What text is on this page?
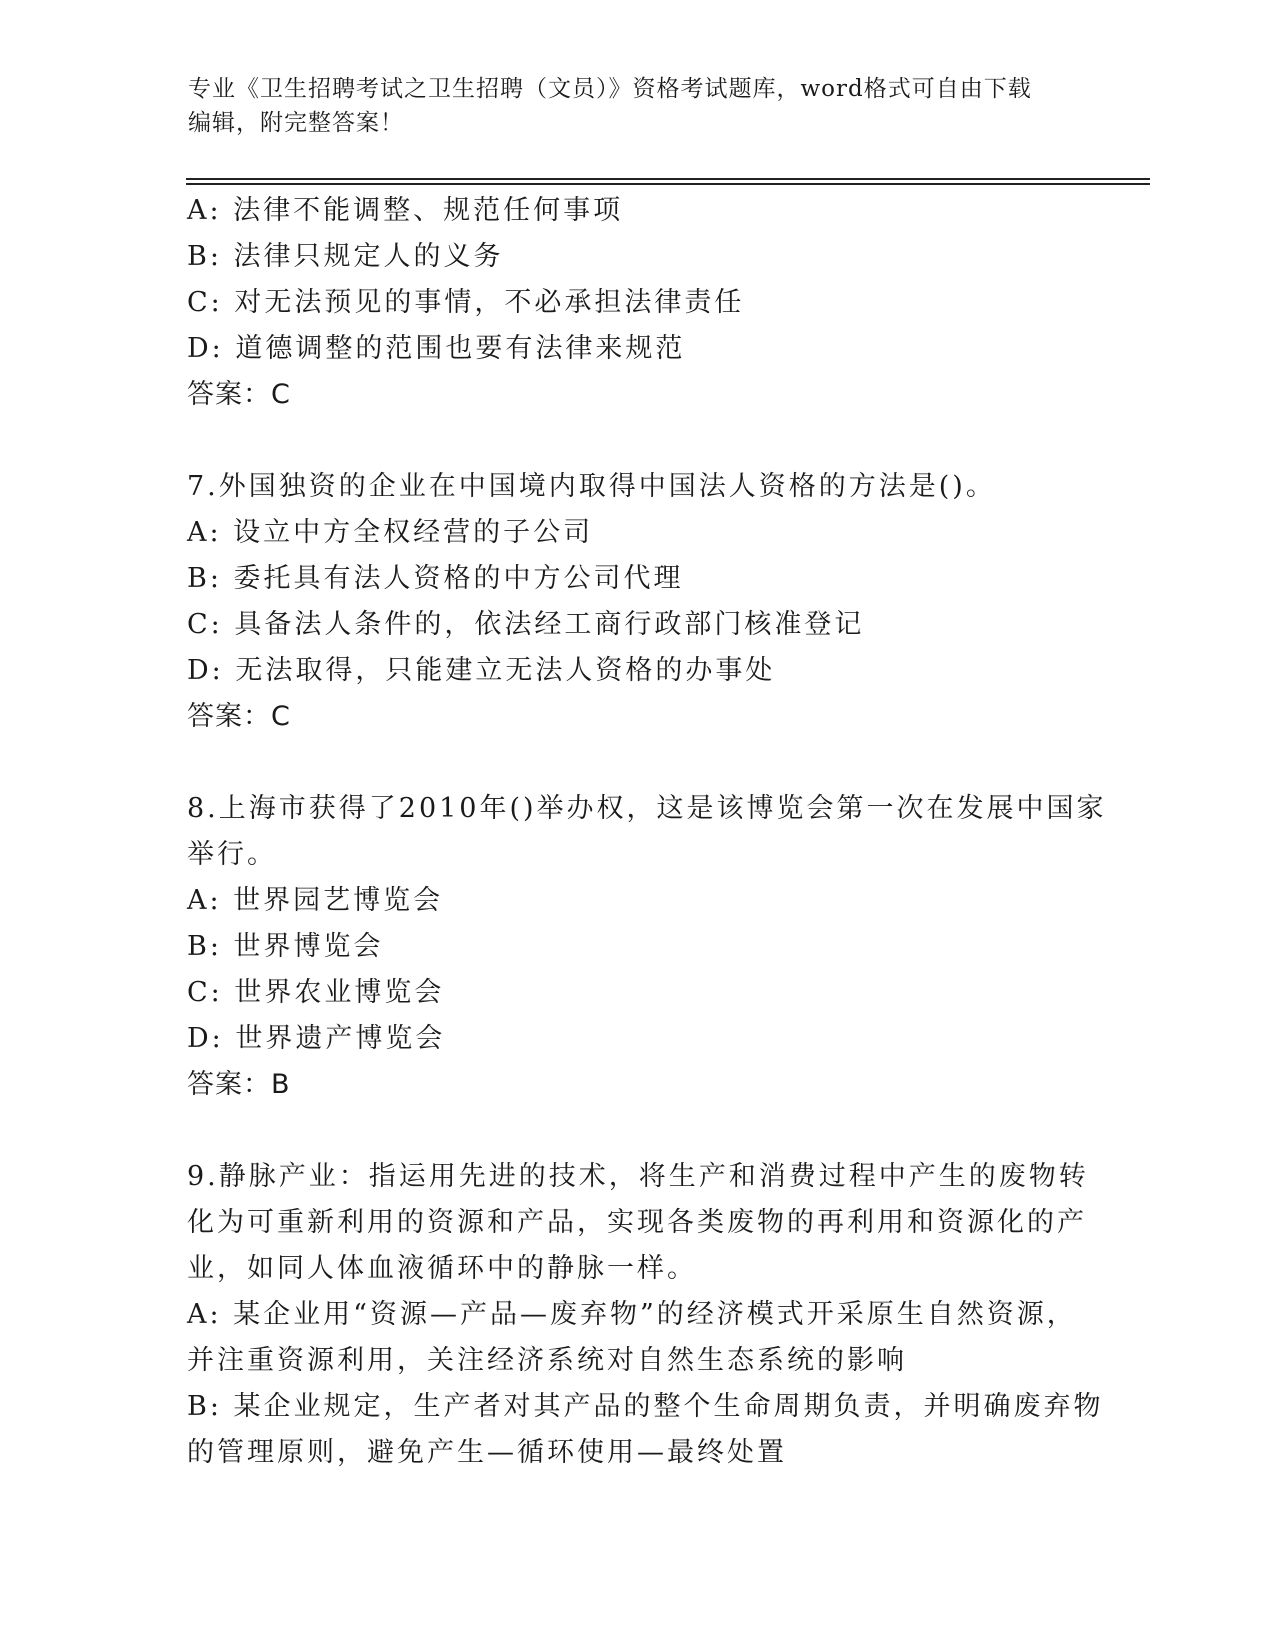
专业《卫生招聘考试之卫生招聘（文员）》资格考试题库，word格式可自由下载
编辑，附完整答案！
A: 法律不能调整、规范任何事项
B: 法律只规定人的义务
C: 对无法预见的事情，不必承担法律责任
D: 道德调整的范围也要有法律来规范
答案：C
7.外国独资的企业在中国境内取得中国法人资格的方法是()。
A: 设立中方全权经营的子公司
B: 委托具有法人资格的中方公司代理
C: 具备法人条件的，依法经工商行政部门核准登记
D: 无法取得，只能建立无法人资格的办事处
答案：C
8.上海市获得了2010年()举办权，这是该博览会第一次在发展中国家
举行。
A: 世界园艺博览会
B: 世界博览会
C: 世界农业博览会
D: 世界遗产博览会
答案：B
9.静脉产业：指运用先进的技术，将生产和消费过程中产生的废物转
化为可重新利用的资源和产品，实现各类废物的再利用和资源化的产
业，如同人体血液循环中的静脉一样。
A: 某企业用“资源—产品—废弃物”的经济模式开采原生自然资源，
并注重资源利用，关注经济系统对自然生态系统的影响
B: 某企业规定，生产者对其产品的整个生命周期负责，并明确废弃物
的管理原则，避免产生—循环使用—最终处置
